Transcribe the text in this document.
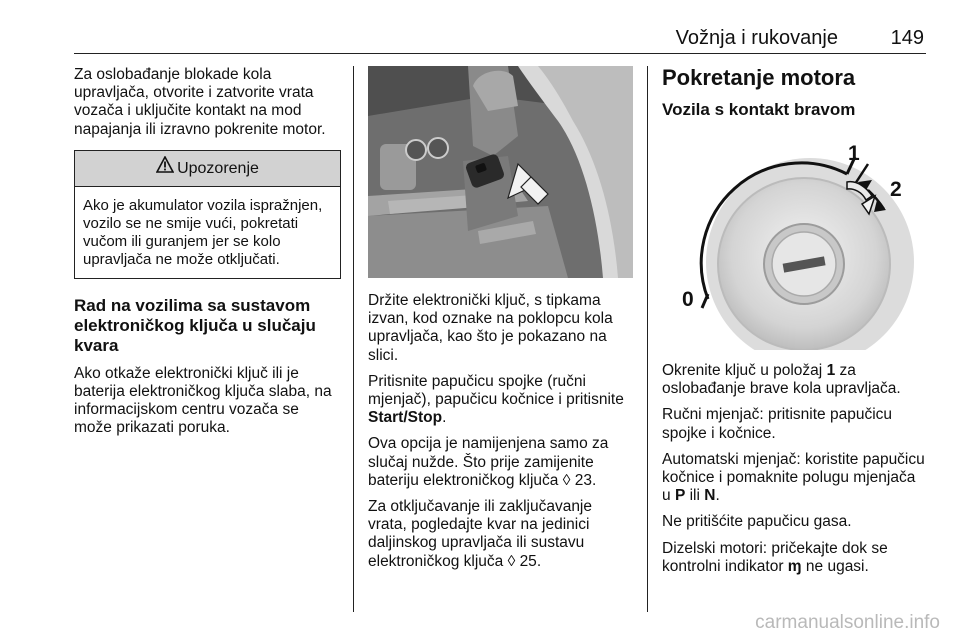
Vožnja i rukovanje	149

Za oslobađanje blokade kola upravljača, otvorite i zatvorite vrata vozača i uključite kontakt na mod napajanja ili izravno pokrenite motor.

Upozorenje

Ako je akumulator vozila ispražnjen, vozilo se ne smije vući, pokretati vučom ili guranjem jer se kolo upravljača ne može otključati.

Rad na vozilima sa sustavom elektroničkog ključa u slučaju kvara

Ako otkaže elektronički ključ ili je baterija elektroničkog ključa slaba, na informacijskom centru vozača se može prikazati poruka.

Držite elektronički ključ, s tipkama izvan, kod oznake na poklopcu kola upravljača, kao što je pokazano na slici.

Pritisnite papučicu spojke (ručni mjenjač), papučicu kočnice i pritisnite Start/Stop.

Ova opcija je namijenjena samo za slučaj nužde. Što prije zamijenite bateriju elektroničkog ključa ◊ 23.

Za otključavanje ili zaključavanje vrata, pogledajte kvar na jedinici daljinskog upravljača ili sustavu elektroničkog ključa ◊ 25.

Pokretanje motora
Vozila s kontakt bravom
0
1
2

Okrenite ključ u položaj 1 za oslobađanje brave kola upravljača.

Ručni mjenjač: pritisnite papučicu spojke i kočnice.

Automatski mjenjač: koristite papučicu kočnice i pomaknite polugu mjenjača u P ili N.

Ne pritišćite papučicu gasa.

Dizelski motori: pričekajte dok se kontrolni indikator ɱ ne ugasi.

carmanualsonline.info
